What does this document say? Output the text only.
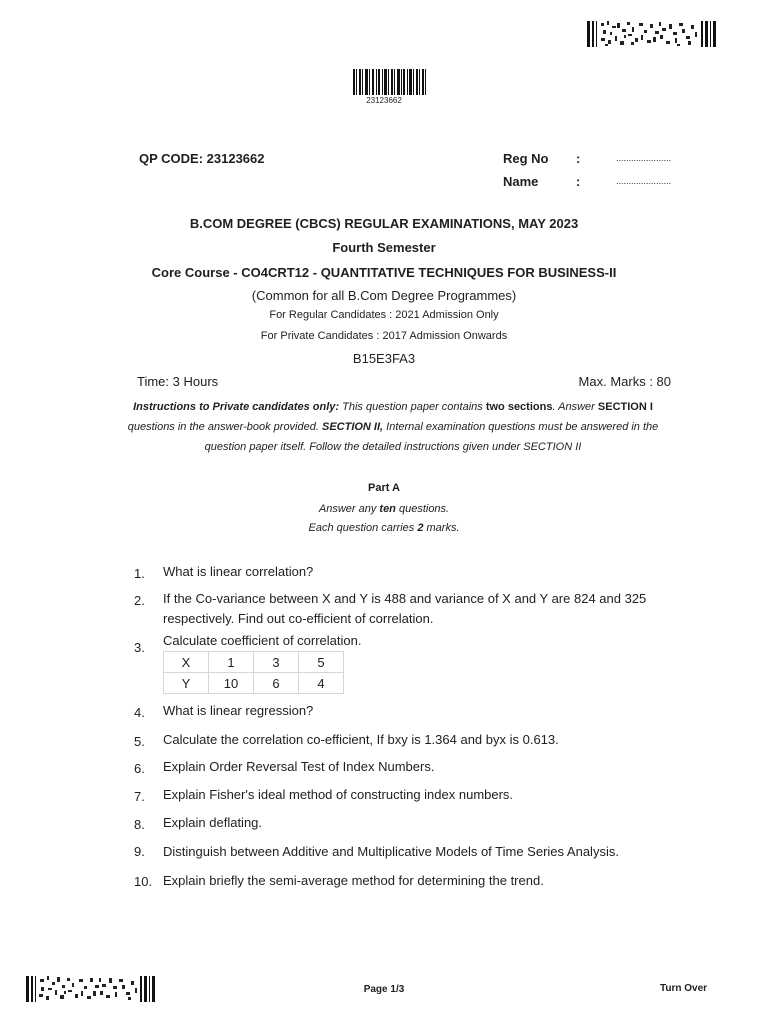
23123662
QP CODE: 23123662	Reg No :	......................
Name	:	......................
B.COM DEGREE (CBCS) REGULAR EXAMINATIONS, MAY 2023
Fourth Semester
Core Course - CO4CRT12 - QUANTITATIVE TECHNIQUES FOR BUSINESS-II
(Common for all B.Com Degree Programmes)
For Regular Candidates : 2021 Admission Only
For Private Candidates : 2017 Admission Onwards
B15E3FA3
Time: 3 Hours	Max. Marks : 80
Instructions to Private candidates only: This question paper contains two sections. Answer SECTION I questions in the answer-book provided. SECTION II, Internal examination questions must be answered in the question paper itself. Follow the detailed instructions given under SECTION II
Part A
Answer any ten questions.
Each question carries 2 marks.
1. What is linear correlation?
2. If the Co-variance between X and Y is 488 and variance of X and Y are 824 and 325 respectively. Find out co-efficient of correlation.
3. Calculate coefficient of correlation.
X	1	3	5
Y	10	6	4
4. What is linear regression?
5. Calculate the correlation co-efficient, If bxy is 1.364 and byx is 0.613.
6. Explain Order Reversal Test of Index Numbers.
7. Explain Fisher's ideal method of constructing index numbers.
8. Explain deflating.
9. Distinguish between Additive and Multiplicative Models of Time Series Analysis.
10. Explain briefly the semi-average method for determining the trend.
Page 1/3	Turn Over
